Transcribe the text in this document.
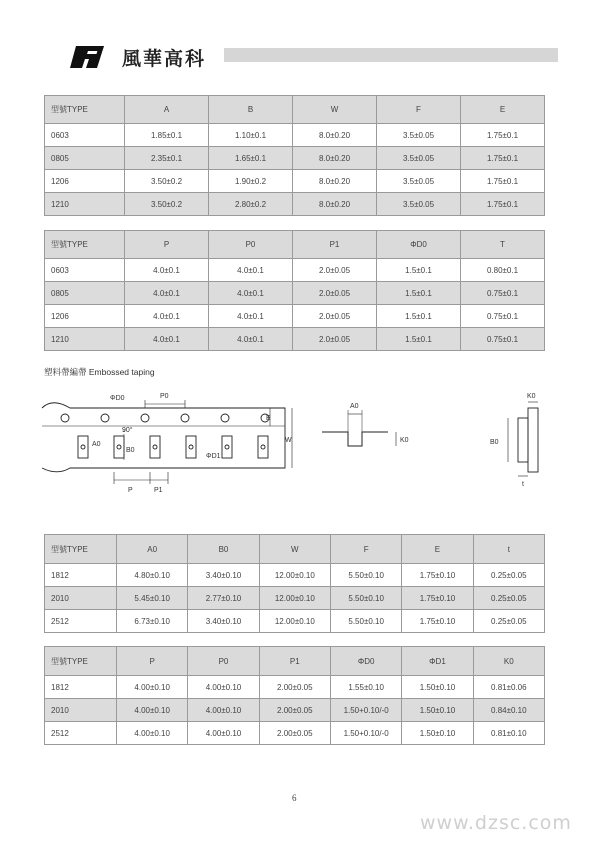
風華高科
型號TYPE	A	B	W	F	E
0603	1.85±0.1	1.10±0.1	8.0±0.20	3.5±0.05	1.75±0.1
0805	2.35±0.1	1.65±0.1	8.0±0.20	3.5±0.05	1.75±0.1
1206	3.50±0.2	1.90±0.2	8.0±0.20	3.5±0.05	1.75±0.1
1210	3.50±0.2	2.80±0.2	8.0±0.20	3.5±0.05	1.75±0.1
型號TYPE	P	P0	P1	ΦD0	T
0603	4.0±0.1	4.0±0.1	2.0±0.05	1.5±0.1	0.80±0.1
0805	4.0±0.1	4.0±0.1	2.0±0.05	1.5±0.1	0.75±0.1
1206	4.0±0.1	4.0±0.1	2.0±0.05	1.5±0.1	0.75±0.1
1210	4.0±0.1	4.0±0.1	2.0±0.05	1.5±0.1	0.75±0.1
塑料帶編帶 Embossed taping
ΦD0	P0
E
W
A0
B0
ΦD1
P	P1
90°
A0
K0
K0
B0
t
型號TYPE	A0	B0	W	F	E	t
1812	4.80±0.10	3.40±0.10	12.00±0.10	5.50±0.10	1.75±0.10	0.25±0.05
2010	5.45±0.10	2.77±0.10	12.00±0.10	5.50±0.10	1.75±0.10	0.25±0.05
2512	6.73±0.10	3.40±0.10	12.00±0.10	5.50±0.10	1.75±0.10	0.25±0.05
型號TYPE	P	P0	P1	ΦD0	ΦD1	K0
1812	4.00±0.10	4.00±0.10	2.00±0.05	1.55±0.10	1.50±0.10	0.81±0.06
2010	4.00±0.10	4.00±0.10	2.00±0.05	1.50+0.10/-0	1.50±0.10	0.84±0.10
2512	4.00±0.10	4.00±0.10	2.00±0.05	1.50+0.10/-0	1.50±0.10	0.81±0.10
6
www.dzsc.com
